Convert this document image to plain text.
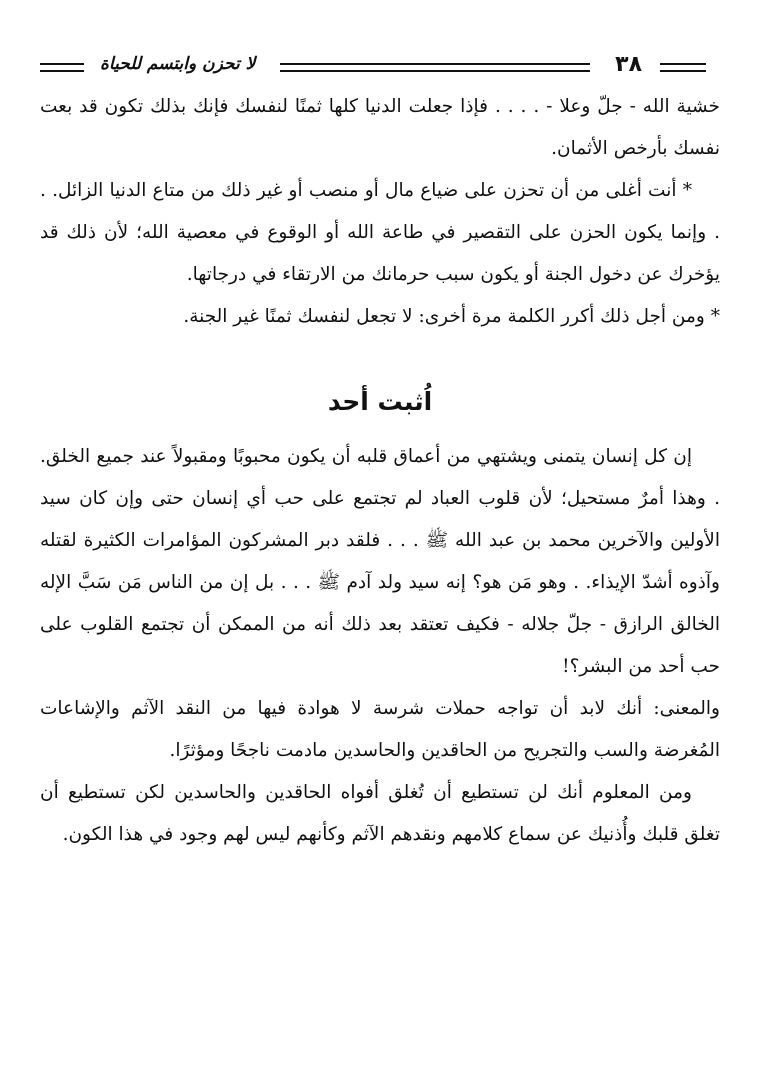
٣٨
لا تحزن وابتسم للحياة

خشية الله - جلّ وعلا - . . . . فإذا جعلت الدنيا كلها ثمنًا لنفسك فإنك بذلك تكون قد بعت نفسك بأرخص الأثمان.

* أنت أغلى من أن تحزن على ضياع مال أو منصب أو غير ذلك من متاع الدنيا الزائل. . . وإنما يكون الحزن على التقصير في طاعة الله أو الوقوع في معصية الله؛ لأن ذلك قد يؤخرك عن دخول الجنة أو يكون سبب حرمانك من الارتقاء في درجاتها.

* ومن أجل ذلك أكرر الكلمة مرة أخرى: لا تجعل لنفسك ثمنًا غير الجنة.

اُثبت أحد

إن كل إنسان يتمنى ويشتهي من أعماق قلبه أن يكون محبوبًا ومقبولاً عند جميع الخلق. . وهذا أمرٌ مستحيل؛ لأن قلوب العباد لم تجتمع على حب أي إنسان حتى وإن كان سيد الأولين والآخرين محمد بن عبد الله ﷺ . . . فلقد دبر المشركون المؤامرات الكثيرة لقتله وآذوه أشدّ الإيذاء. . وهو مَن هو؟ إنه سيد ولد آدم ﷺ . . . بل إن من الناس مَن سَبَّ الإله الخالق الرازق - جلّ جلاله - فكيف تعتقد بعد ذلك أنه من الممكن أن تجتمع القلوب على حب أحد من البشر؟!

والمعنى: أنك لابد أن تواجه حملات شرسة لا هوادة فيها من النقد الآثم والإشاعات المُغرضة والسب والتجريح من الحاقدين والحاسدين مادمت ناجحًا ومؤثرًا.

ومن المعلوم أنك لن تستطيع أن تُغلق أفواه الحاقدين والحاسدين لكن تستطيع أن تغلق قلبك وأُذنيك عن سماع كلامهم ونقدهم الآثم وكأنهم ليس لهم وجود في هذا الكون.
